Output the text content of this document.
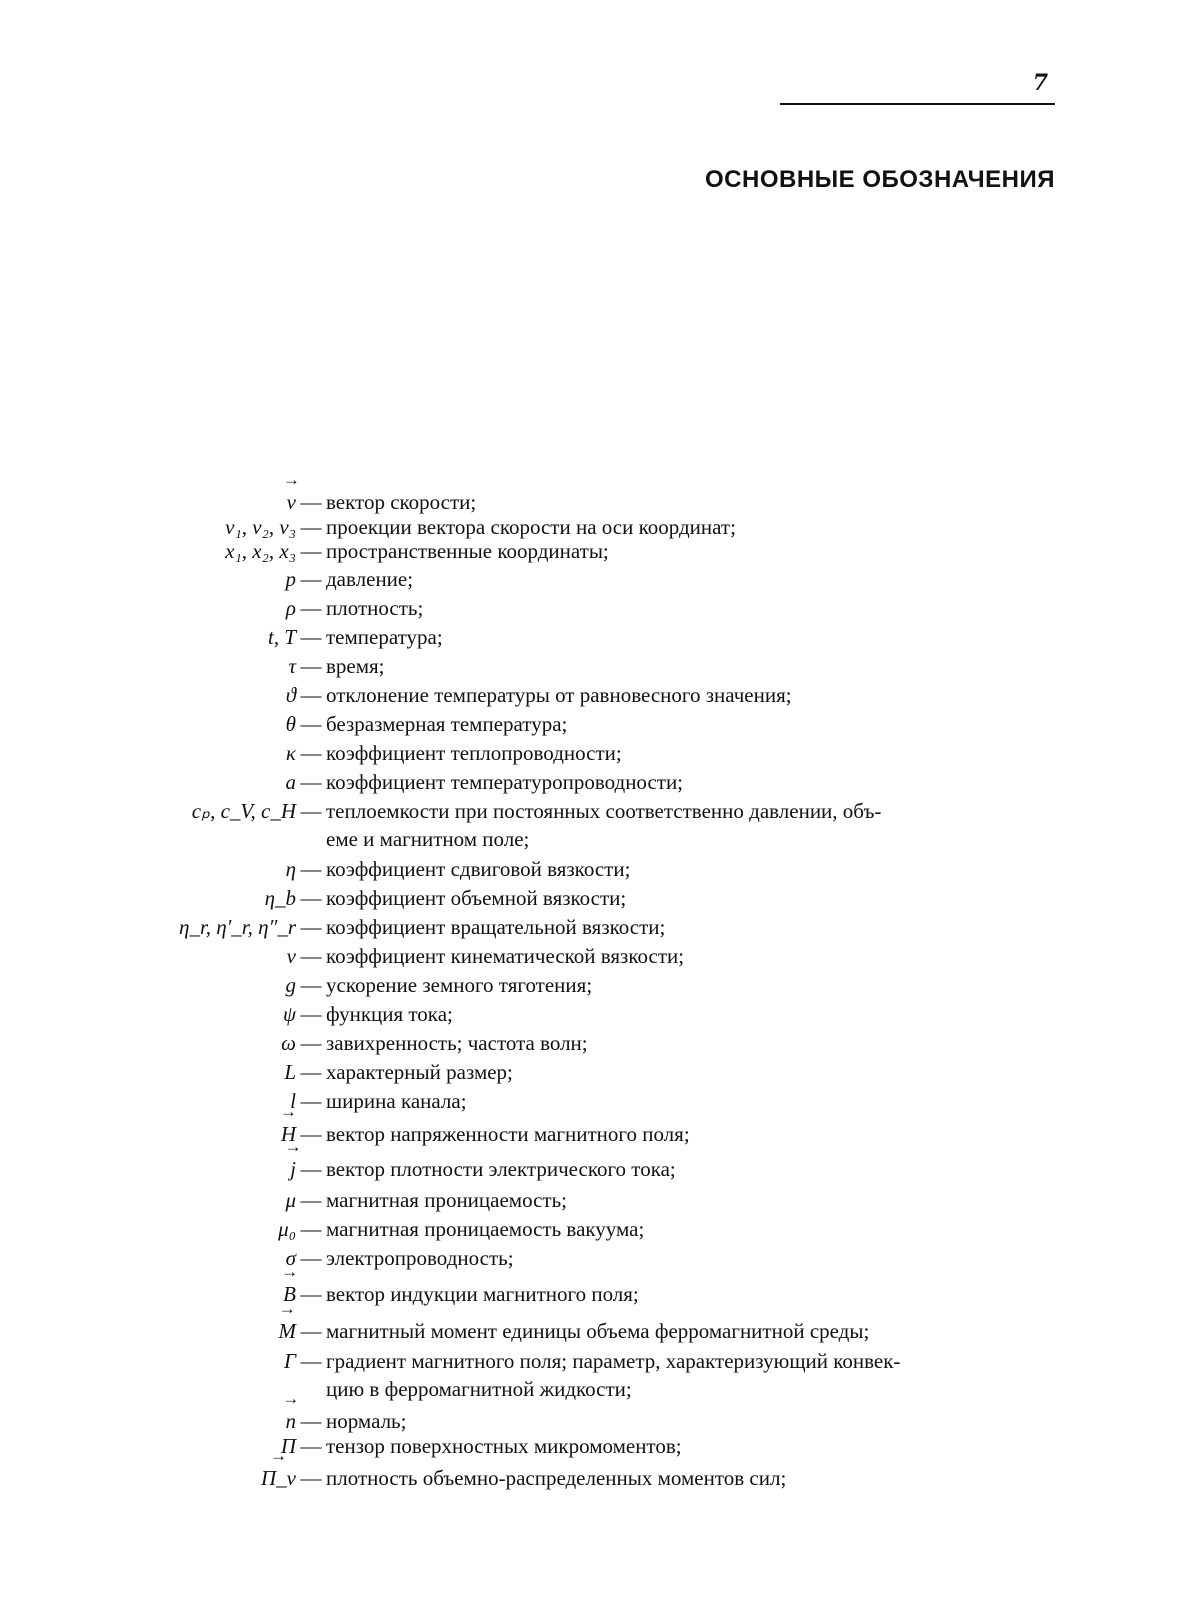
7
ОСНОВНЫЕ ОБОЗНАЧЕНИЯ
→ v — вектор скорости;
v₁, v₂, v₃ — проекции вектора скорости на оси координат;
x₁, x₂, x₃ — пространственные координаты;
p — давление;
ρ — плотность;
t, T — температура;
τ — время;
ϑ — отклонение температуры от равновесного значения;
θ — безразмерная температура;
κ — коэффициент теплопроводности;
a — коэффициент температуропроводности;
cₚ, c_V, c_H — теплоемкости при постоянных соответственно давлении, объ-
еме и магнитном поле;
η — коэффициент сдвиговой вязкости;
η_b — коэффициент объемной вязкости;
η_r, η′_r, η″_r — коэффициент вращательной вязкости;
ν — коэффициент кинематической вязкости;
g — ускорение земного тяготения;
ψ — функция тока;
ω — завихренность; частота волн;
L — характерный размер;
l — ширина канала;
→ H — вектор напряженности магнитного поля;
→ j — вектор плотности электрического тока;
μ — магнитная проницаемость;
μ₀ — магнитная проницаемость вакуума;
σ — электропроводность;
→ B — вектор индукции магнитного поля;
→ M — магнитный момент единицы объема ферромагнитной среды;
Γ — градиент магнитного поля; параметр, характеризующий конвек-
цию в ферромагнитной жидкости;
→ n — нормаль;
Π — тензор поверхностных микромоментов;
→ Π_v — плотность объемно-распределенных моментов сил;
